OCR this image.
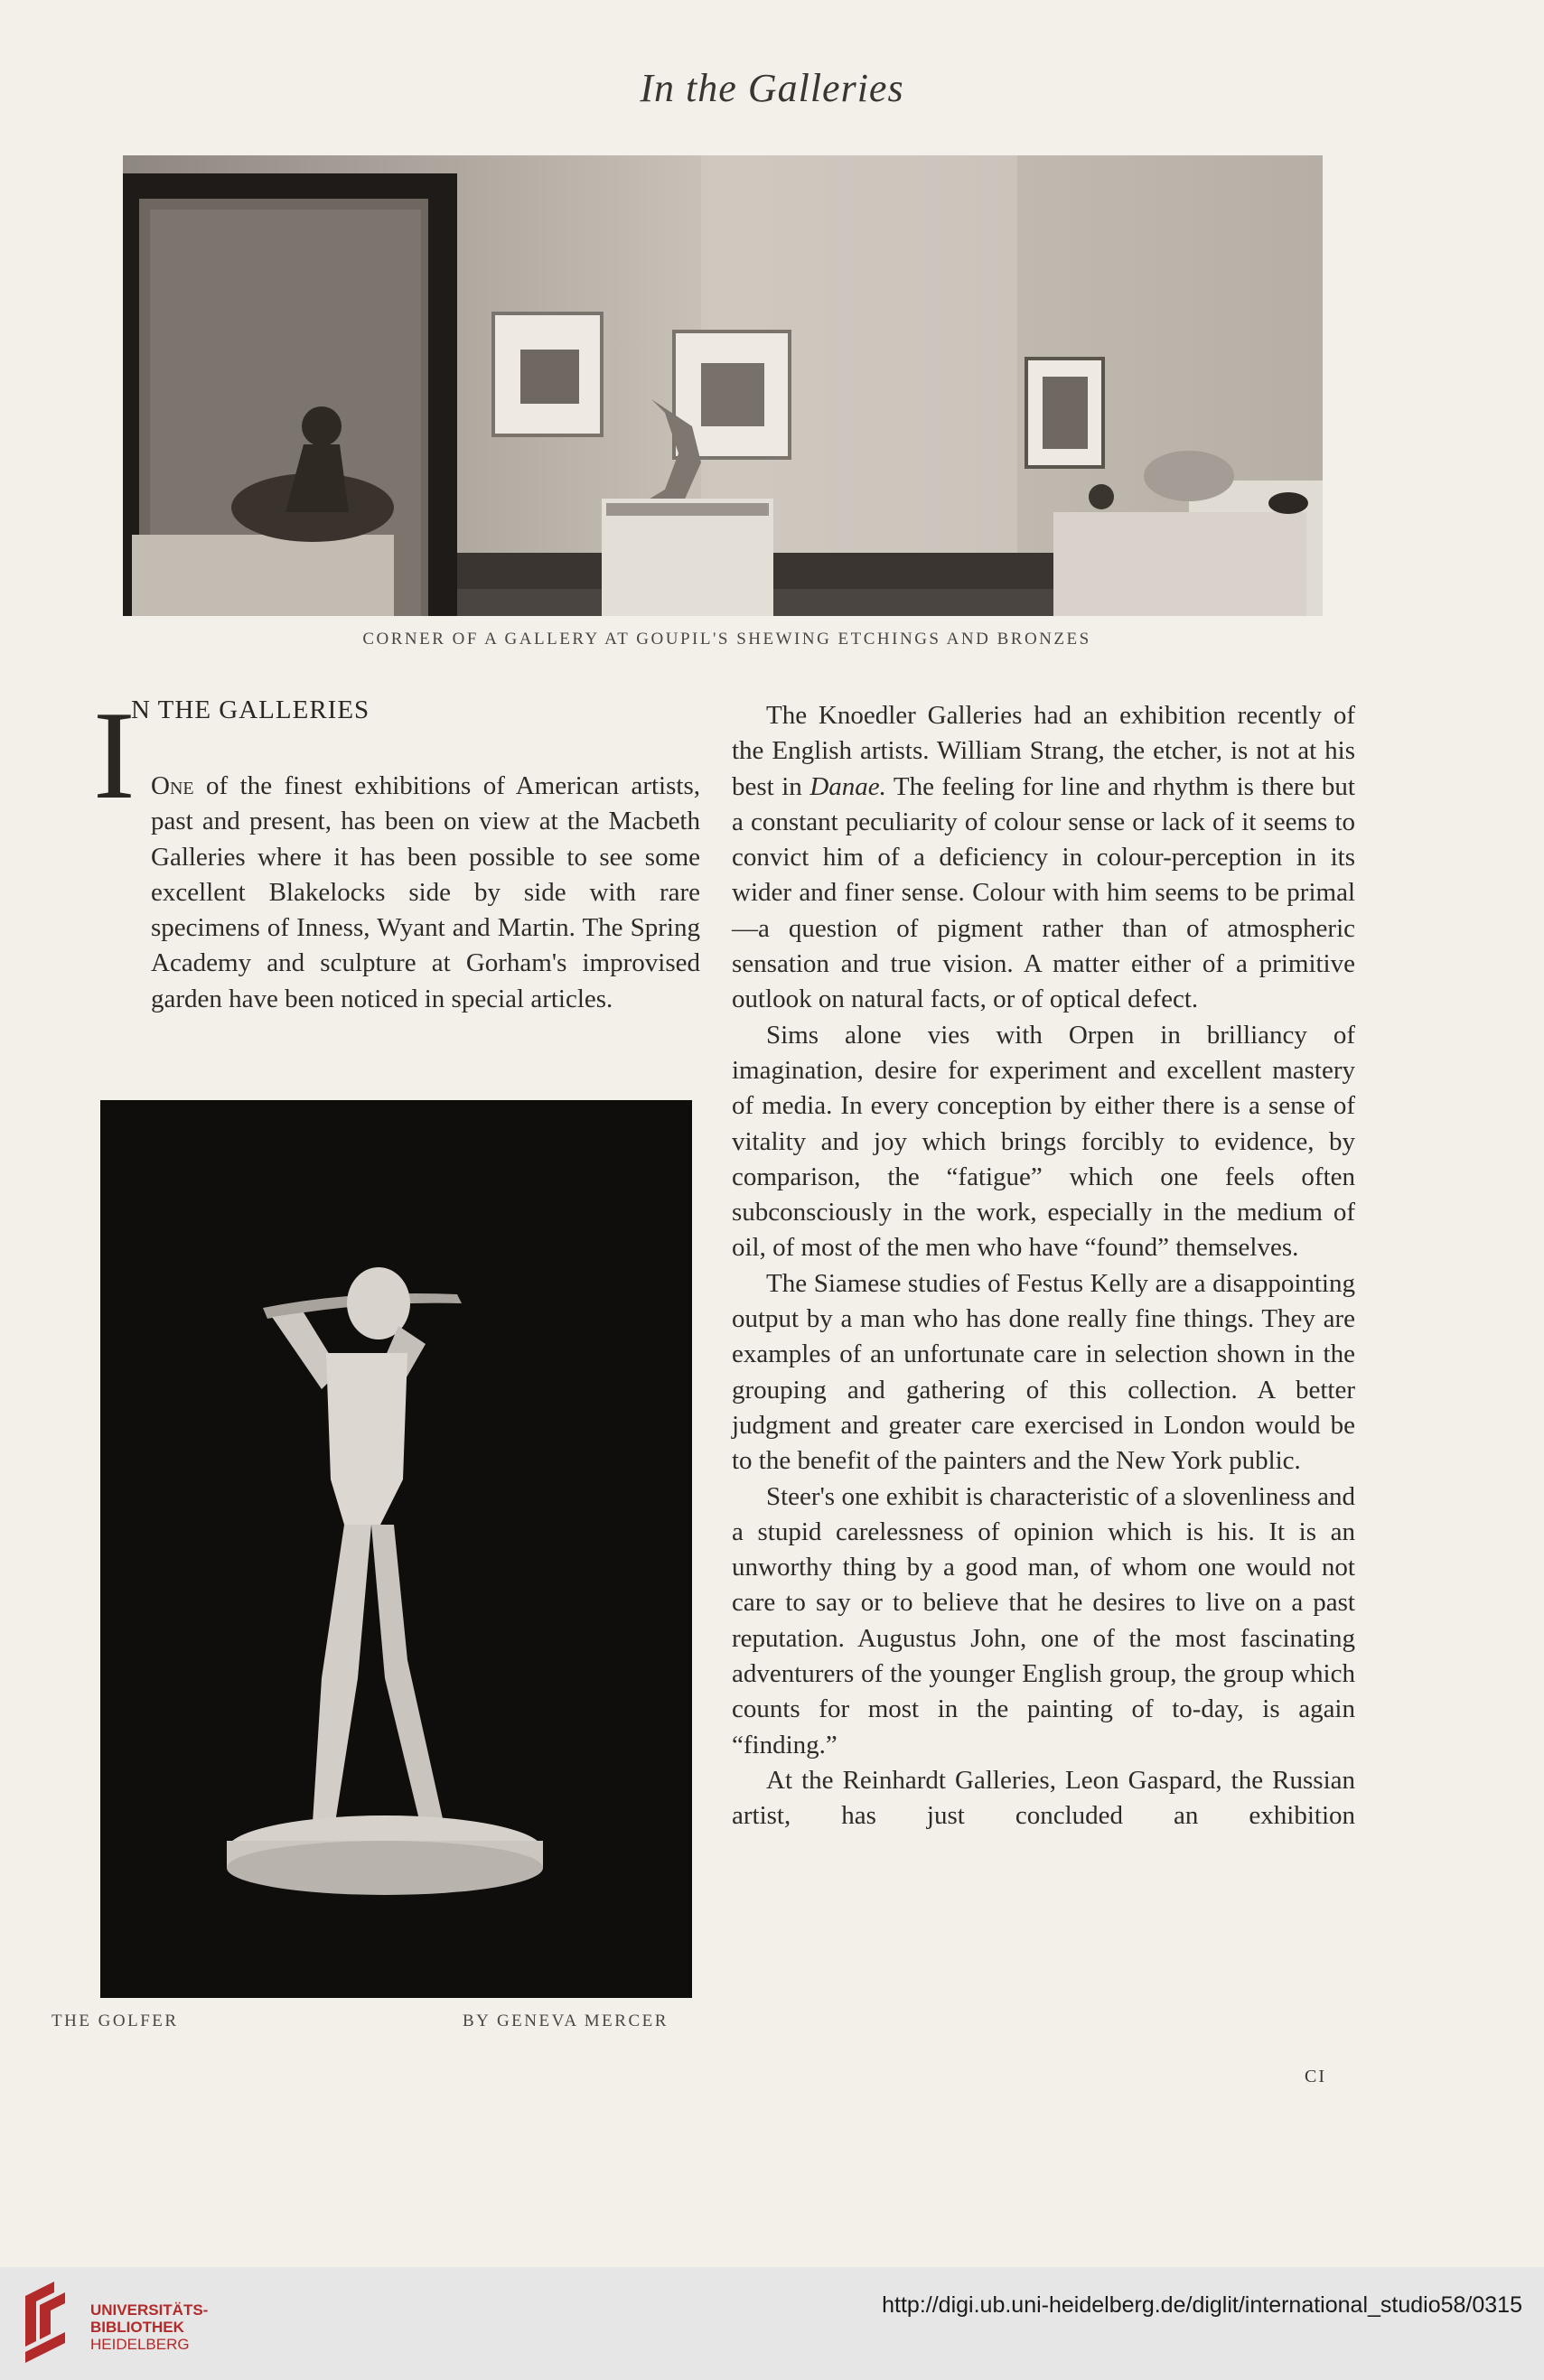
In the Galleries
CORNER OF A GALLERY AT GOUPIL'S SHEWING ETCHINGS AND BRONZES
I
N THE GALLERIES

One of the finest exhibitions of American artists, past and present, has been on view at the Macbeth Galleries where it has been possible to see some excellent Blakelocks side by side with rare specimens of Inness, Wyant and Martin. The Spring Academy and sculpture at Gorham's improvised garden have been noticed in special articles.

THE GOLFER	BY GENEVA MERCER

The Knoedler Galleries had an exhibition recently of the English artists. William Strang, the etcher, is not at his best in Danae. The feeling for line and rhythm is there but a constant peculiarity of colour sense or lack of it seems to convict him of a deficiency in colour-perception in its wider and finer sense. Colour with him seems to be primal—a question of pigment rather than of atmospheric sensation and true vision. A matter either of a primitive outlook on natural facts, or of optical defect.

Sims alone vies with Orpen in brilliancy of imagination, desire for experiment and excellent mastery of media. In every conception by either there is a sense of vitality and joy which brings forcibly to evidence, by comparison, the “fatigue” which one feels often subconsciously in the work, especially in the medium of oil, of most of the men who have “found” themselves.

The Siamese studies of Festus Kelly are a disappointing output by a man who has done really fine things. They are examples of an unfortunate care in selection shown in the grouping and gathering of this collection. A better judgment and greater care exercised in London would be to the benefit of the painters and the New York public.

Steer's one exhibit is characteristic of a slovenliness and a stupid carelessness of opinion which is his. It is an unworthy thing by a good man, of whom one would not care to say or to believe that he desires to live on a past reputation. Augustus John, one of the most fascinating adventurers of the younger English group, the group which counts for most in the painting of to-day, is again “finding.”

At the Reinhardt Galleries, Leon Gaspard, the Russian artist, has just concluded an exhibition

CI
UNIVERSITÄTS-
BIBLIOTHEK
HEIDELBERG
http://digi.ub.uni-heidelberg.de/diglit/international_studio58/0315
